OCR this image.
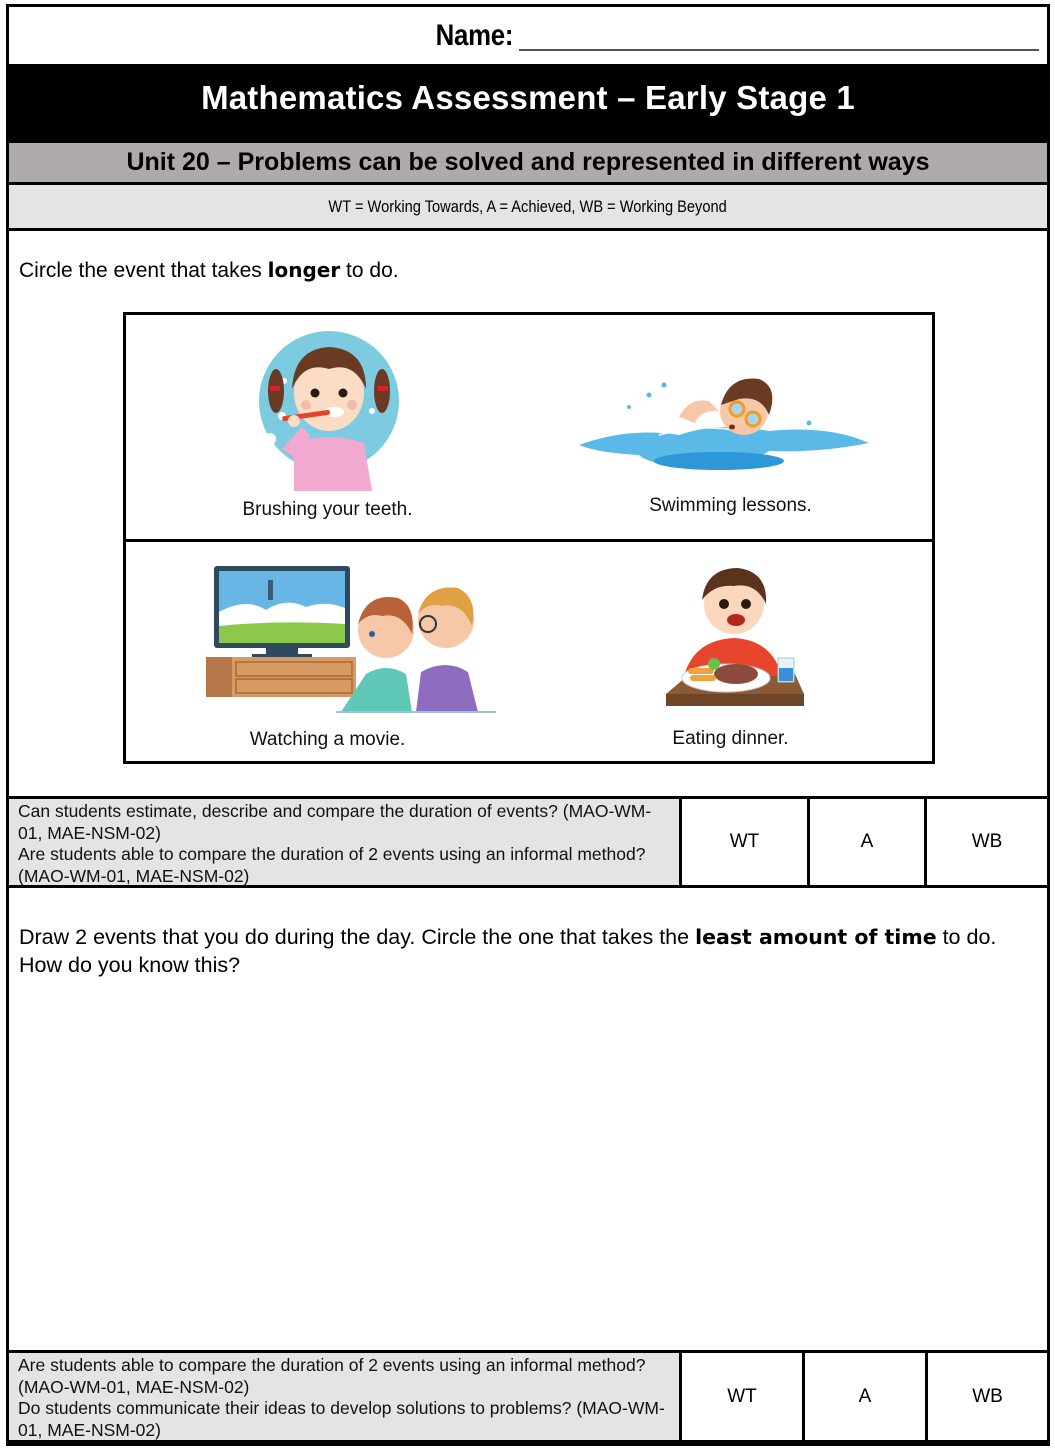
Name:
Mathematics Assessment – Early Stage 1
Unit 20 – Problems can be solved and represented in different ways
WT = Working Towards, A = Achieved, WB = Working Beyond
Circle the event that takes longer to do.
Brushing your teeth.	Swimming lessons.
Watching a movie.	Eating dinner.
Can students estimate, describe and compare the duration of events? (MAO-WM-01, MAE-NSM-02)
Are students able to compare the duration of 2 events using an informal method? (MAO-WM-01, MAE-NSM-02)
WT	A	WB
Draw 2 events that you do during the day. Circle the one that takes the least amount of time to do. How do you know this?
Are students able to compare the duration of 2 events using an informal method? (MAO-WM-01, MAE-NSM-02)
Do students communicate their ideas to develop solutions to problems? (MAO-WM-01, MAE-NSM-02)
WT	A	WB
